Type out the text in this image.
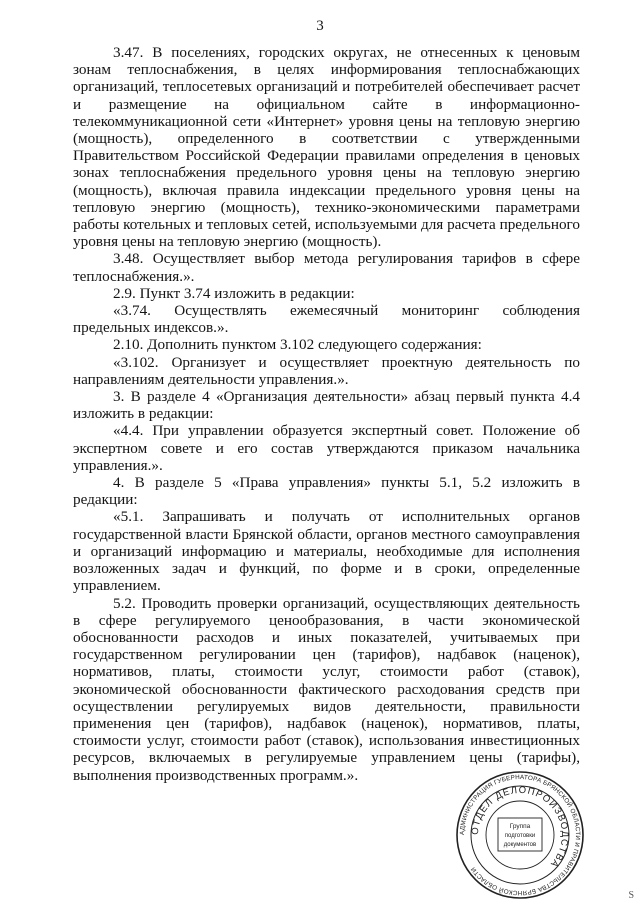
3

3.47. В поселениях, городских округах, не отнесенных к ценовым зонам теплоснабжения, в целях информирования теплоснабжающих организаций, теплосетевых организаций и потребителей обеспечивает расчет и размещение на официальном сайте в информационно-телекоммуникационной сети «Интернет» уровня цены на тепловую энергию (мощность), определенного в соответствии с утвержденными Правительством Российской Федерации правилами определения в ценовых зонах теплоснабжения предельного уровня цены на тепловую энергию (мощность), включая правила индексации предельного уровня цены на тепловую энергию (мощность), технико-экономическими параметрами работы котельных и тепловых сетей, используемыми для расчета предельного уровня цены на тепловую энергию (мощность).

3.48. Осуществляет выбор метода регулирования тарифов в сфере теплоснабжения.».

2.9. Пункт 3.74 изложить в редакции:

«3.74. Осуществлять ежемесячный мониторинг соблюдения предельных индексов.».

2.10. Дополнить пунктом 3.102 следующего содержания:

«3.102. Организует и осуществляет проектную деятельность по направлениям деятельности управления.».

3. В разделе 4 «Организация деятельности» абзац первый пункта 4.4 изложить в редакции:

«4.4. При управлении образуется экспертный совет. Положение об экспертном совете и его состав утверждаются приказом начальника управления.».

4. В разделе 5 «Права управления» пункты 5.1, 5.2 изложить в редакции:

«5.1. Запрашивать и получать от исполнительных органов государственной власти Брянской области, органов местного самоуправления и организаций информацию и материалы, необходимые для исполнения возложенных задач и функций, по форме и в сроки, определенные управлением.

5.2. Проводить проверки организаций, осуществляющих деятельность в сфере регулируемого ценообразования, в части экономической обоснованности расходов и иных показателей, учитываемых при государственном регулировании цен (тарифов), надбавок (наценок), нормативов, платы, стоимости услуг, стоимости работ (ставок), экономической обоснованности фактического расходования средств при осуществлении регулируемых видов деятельности, правильности применения цен (тарифов), надбавок (наценок), нормативов, платы, стоимости услуг, стоимости работ (ставок), использования инвестиционных ресурсов, включаемых в регулируемые управлением цены (тарифы), выполнения производственных программ.».

АДМИНИСТРАЦИЯ ГУБЕРНАТОРА БРЯНСКОЙ ОБЛАСТИ И ПРАВИТЕЛЬСТВА БРЯНСКОЙ ОБЛАСТИ
ОТДЕЛ ДЕЛОПРОИЗВОДСТВА
Группа
подготовки
документов
Ѕ
